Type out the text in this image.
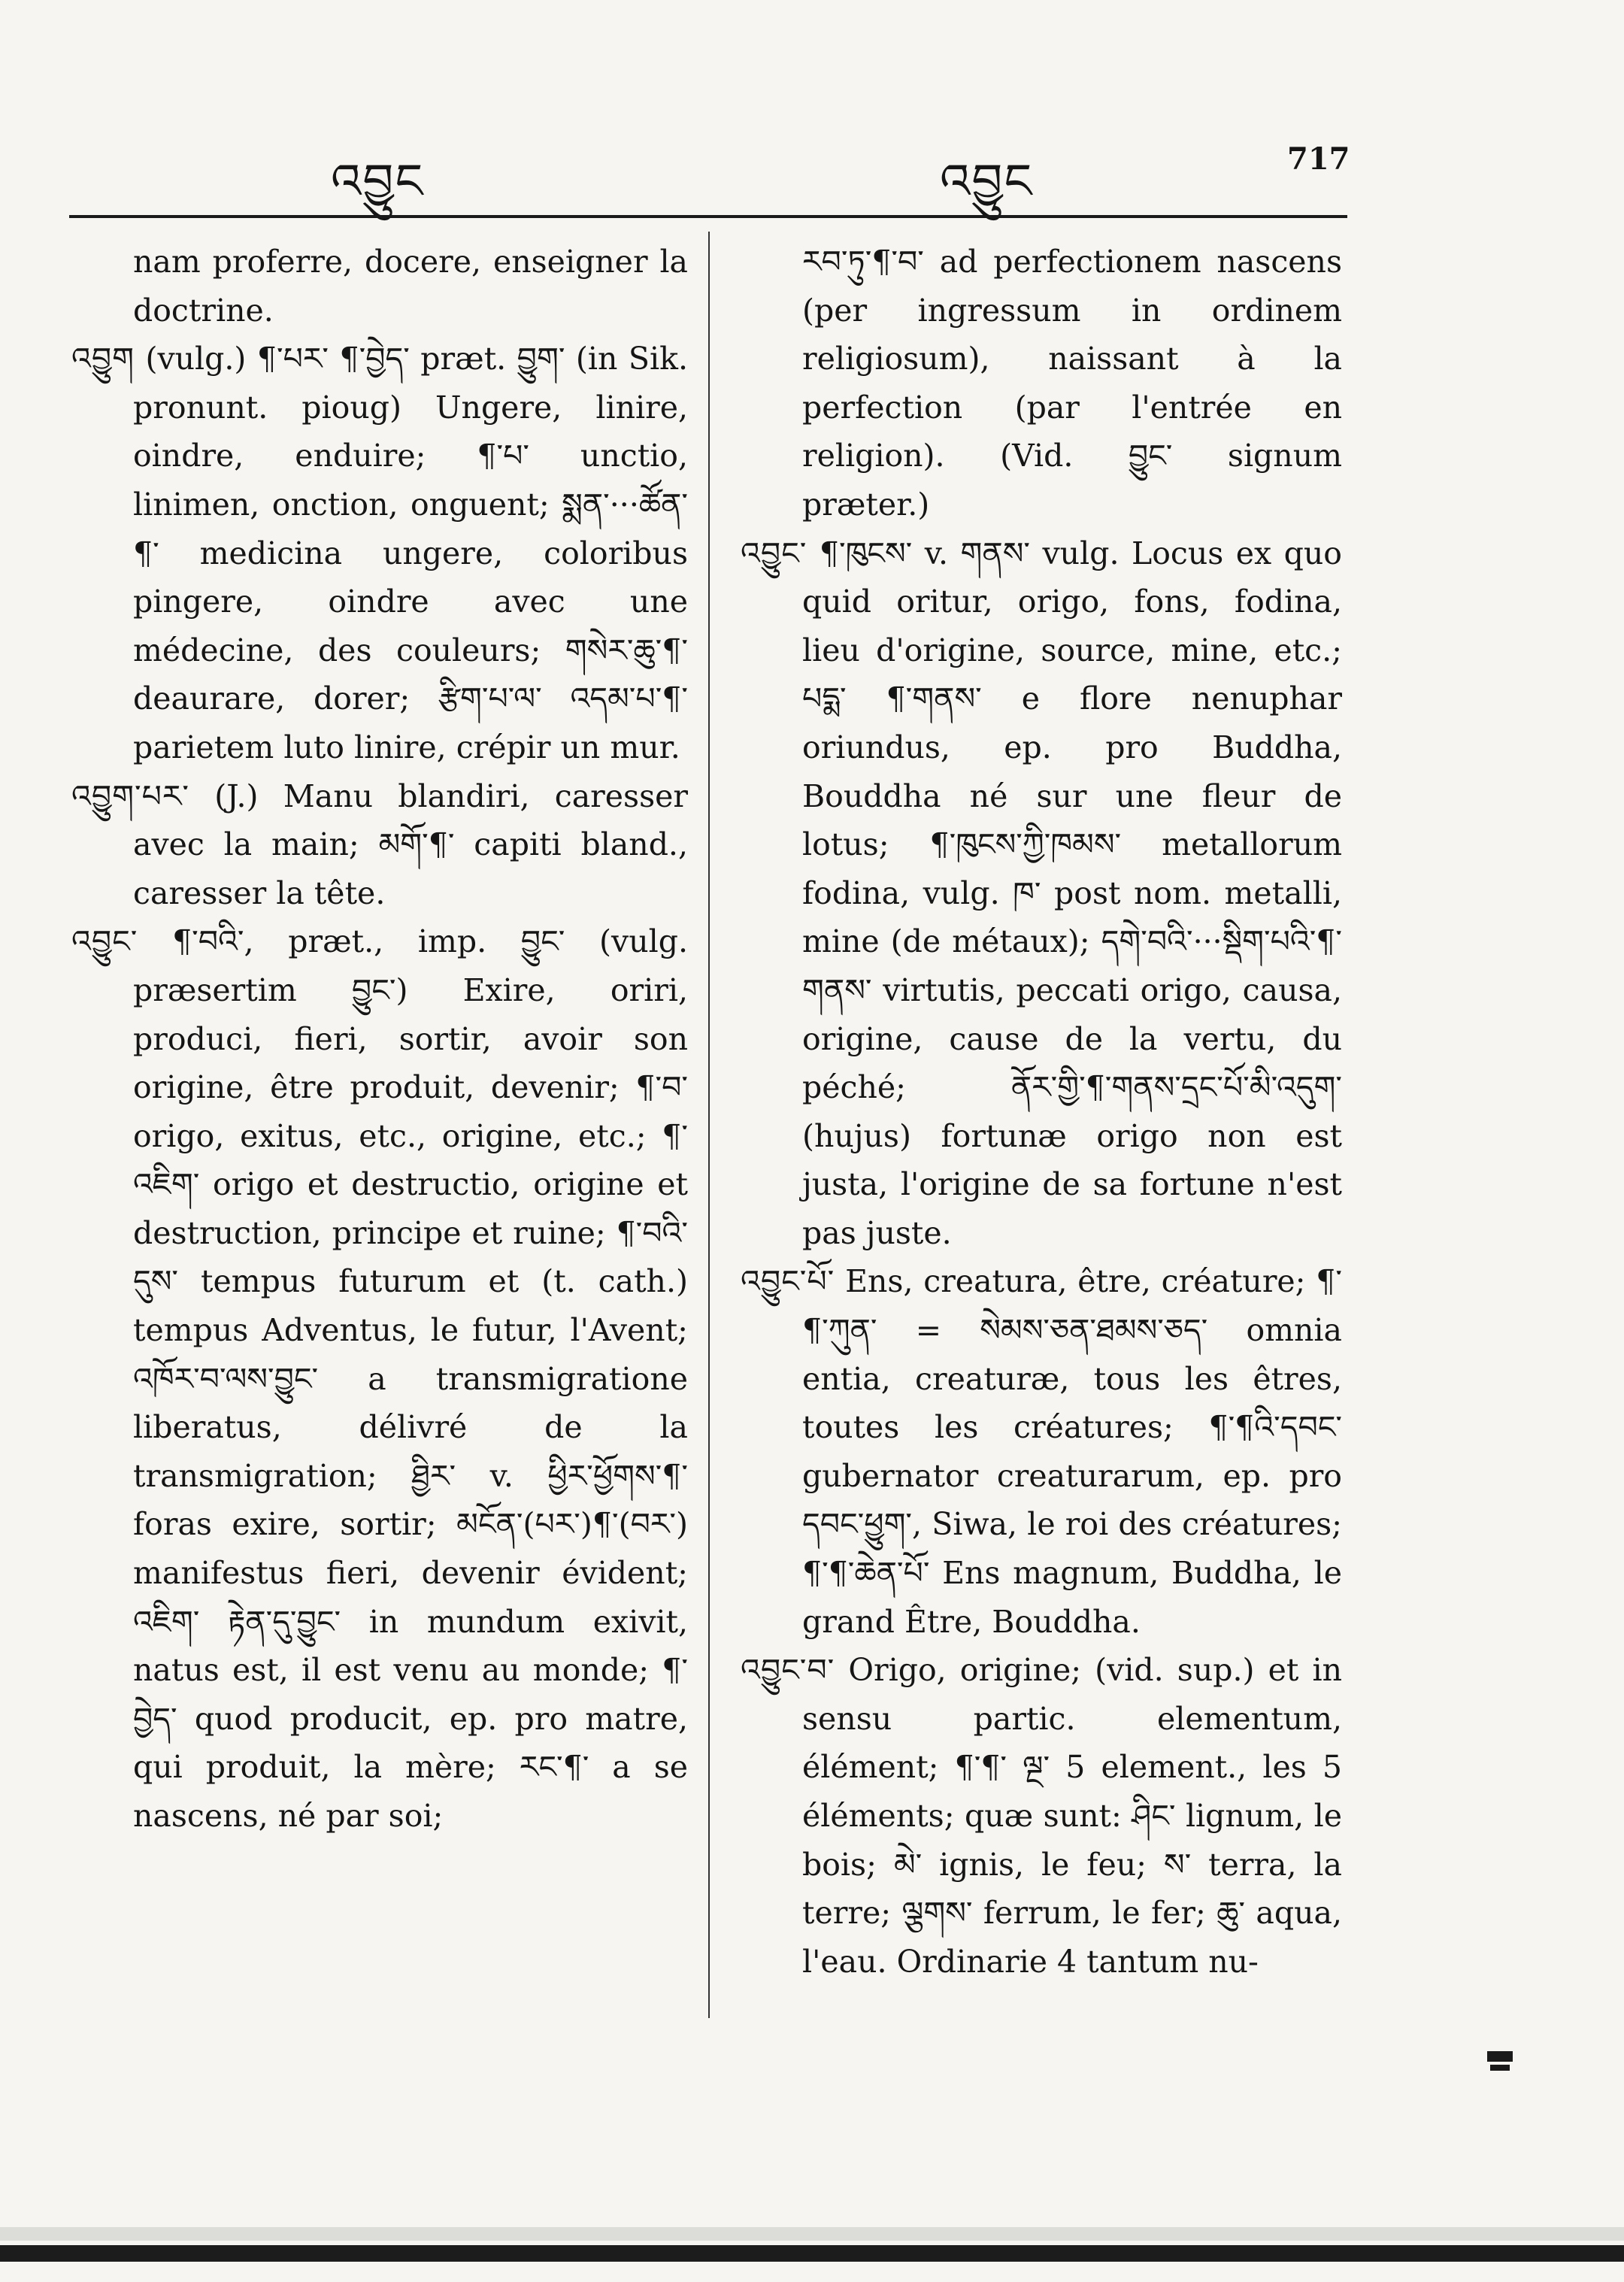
འབྱུང	འབྱུང	717

nam proferre, docere, enseigner la doctrine.

འབྱུག (vulg.) ¶་པར་ ¶་བྱེད་ præt. བྱུག་ (in Sik. pronunt. pioug) Ungere, linire, oindre, enduire; ¶་པ་ unctio, linimen, onction, onguent; སྨན་···ཚོན་¶་ medicina ungere, coloribus pingere, oindre avec une médecine, des couleurs; གསེར་ཆུ་¶་ deaurare, dorer; རྩིག་པ་ལ་ འདམ་པ་¶་ parietem luto linire, crépir un mur.

འབྱུག་པར་ (J.) Manu blandiri, caresser avec la main; མགོ་¶་ capiti bland., caresser la tête.

འབྱུང་ ¶་བའི་, præt., imp. བྱུང་ (vulg. præsertim བྱུང་) Exire, oriri, produci, fieri, sortir, avoir son origine, être produit, devenir; ¶་བ་ origo, exitus, etc., origine, etc.; ¶་འཇིག་ origo et destructio, origine et destruction, principe et ruine; ¶་བའི་དུས་ tempus futurum et (t. cath.) tempus Adventus, le futur, l'Avent; འཁོར་བ་ལས་བྱུང་ a transmigratione liberatus, délivré de la transmigration; ཐྱིར་ v. ཕྱིར་ཕྱོགས་¶་ foras exire, sortir; མངོན་(པར་)¶་(བར་) manifestus fieri, devenir évident; འཇིག་ རྟེན་དུ་བྱུང་ in mundum exivit, natus est, il est venu au monde; ¶་བྱེད་ quod producit, ep. pro matre, qui produit, la mère; རང་¶་ a se nascens, né par soi;

རབ་ཏུ་¶་བ་ ad perfectionem nascens (per ingressum in ordinem religiosum), naissant à la perfection (par l'entrée en religion). (Vid. བྱུང་ signum præter.)

འབྱུང་ ¶་ཁུངས་ v. གནས་ vulg. Locus ex quo quid oritur, origo, fons, fodina, lieu d'origine, source, mine, etc.; པདྨ་ ¶་གནས་ e flore nenuphar oriundus, ep. pro Buddha, Bouddha né sur une fleur de lotus; ¶་ཁུངས་ཀྱི་ཁམས་ metallorum fodina, vulg. ཁ་ post nom. metalli, mine (de métaux); དགེ་བའི་···སྡིག་པའི་¶་ གནས་ virtutis, peccati origo, causa, origine, cause de la vertu, du péché; ནོར་གྱི་¶་གནས་དྲང་པོ་མི་འདུག་ (hujus) fortunæ origo non est justa, l'origine de sa fortune n'est pas juste.

འབྱུང་པོ་ Ens, creatura, être, créature; ¶་ ¶་ཀུན་ = སེམས་ཅན་ཐམས་ཅད་ omnia entia, creaturæ, tous les êtres, toutes les créatures; ¶་¶འི་དབང་ gubernator creaturarum, ep. pro དབང་ཕྱུག་, Siwa, le roi des créatures; ¶་¶་ཆེན་པོ་ Ens magnum, Buddha, le grand Être, Bouddha.

འབྱུང་བ་ Origo, origine; (vid. sup.) et in sensu partic. elementum, élément; ¶་¶་ ལྔ་ 5 element., les 5 éléments; quæ sunt: ཤིང་ lignum, le bois; མེ་ ignis, le feu; ས་ terra, la terre; ལྕགས་ ferrum, le fer; ཆུ་ aqua, l'eau. Ordinarie 4 tantum nu-
